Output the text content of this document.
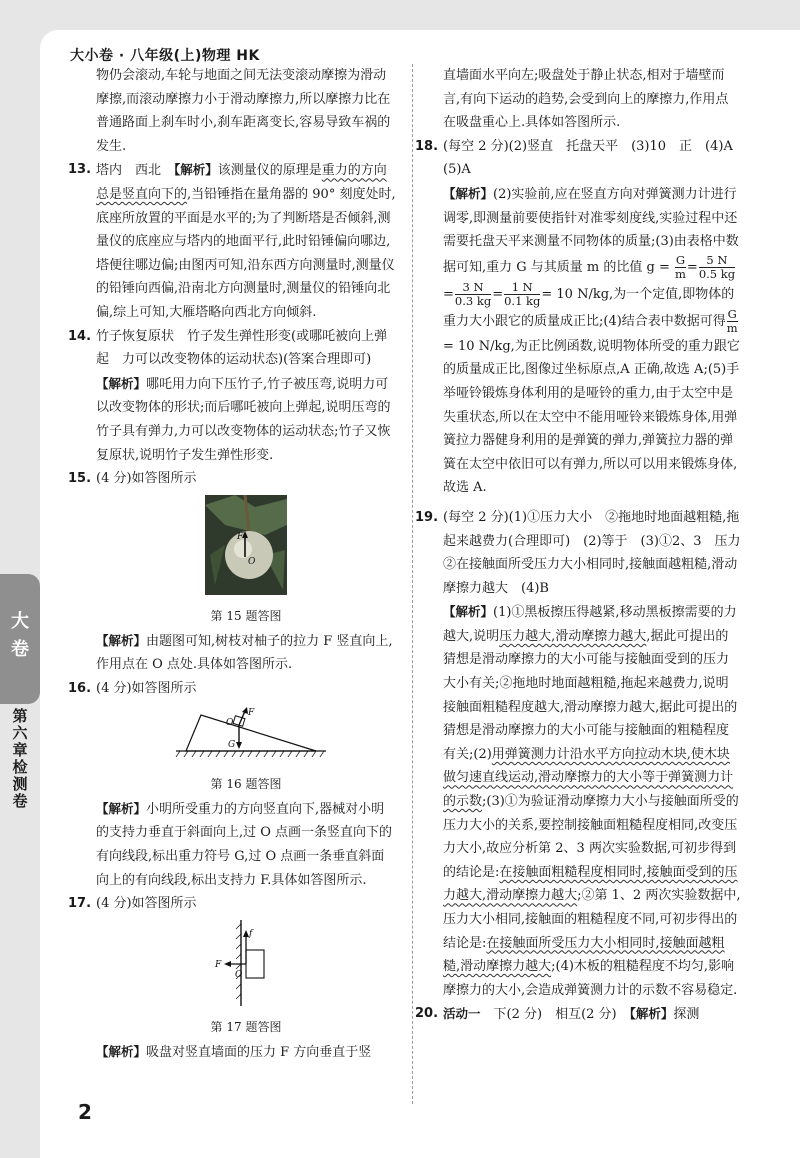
大小卷 · 八年级(上)物理 HK
大
卷
第六章检测卷

物仍会滚动,车轮与地面之间无法变滚动摩擦为滑动摩擦,而滚动摩擦力小于滑动摩擦力,所以摩擦力比在普通路面上刹车时小,刹车距离变长,容易导致车祸的发生.

13. 塔内　西北　【解析】该测量仪的原理是重力的方向总是竖直向下的,当铅锤指在量角器的 90° 刻度处时,底座所放置的平面是水平的;为了判断塔是否倾斜,测量仪的底座应与塔内的地面平行,此时铅锤偏向哪边,塔便往哪边偏;由图丙可知,沿东西方向测量时,测量仪的铅锤向西偏,沿南北方向测量时,测量仪的铅锤向北偏,综上可知,大雁塔略向西北方向倾斜.
14. 竹子恢复原状　竹子发生弹性形变(或哪吒被向上弹起　力可以改变物体的运动状态)(答案合理即可)
【解析】哪吒用力向下压竹子,竹子被压弯,说明力可以改变物体的形状;而后哪吒被向上弹起,说明压弯的竹子具有弹力,力可以改变物体的运动状态;竹子又恢复原状,说明竹子发生弹性形变.
15. (4 分)如答图所示
F
O
第 15 题答图
【解析】由题图可知,树枝对柚子的拉力 F 竖直向上,作用点在 O 点处.具体如答图所示.
16. (4 分)如答图所示
O
F
G
第 16 题答图
【解析】小明所受重力的方向竖直向下,器械对小明的支持力垂直于斜面向上,过 O 点画一条竖直向下的有向线段,标出重力符号 G,过 O 点画一条垂直斜面向上的有向线段,标出支持力 F.具体如答图所示.
17. (4 分)如答图所示
f
F
O
第 17 题答图
【解析】吸盘对竖直墙面的压力 F 方向垂直于竖

直墙面水平向左;吸盘处于静止状态,相对于墙壁而言,有向下运动的趋势,会受到向上的摩擦力,作用点在吸盘重心上.具体如答图所示.

18. (每空 2 分)(2)竖直　托盘天平　(3)10　正　(4)A　(5)A
【解析】(2)实验前,应在竖直方向对弹簧测力计进行调零,即测量前要使指针对准零刻度线,实验过程中还需要托盘天平来测量不同物体的质量;(3)由表格中数据可知,重力 G 与其质量 m 的比值 $g = \frac{G}{m} = \frac{5 N}{0.5 kg}$
= $\frac{3 N}{0.3 kg} = \frac{1 N}{0.1 kg} = 10$ N/kg,为一个定值,即物体的重力大小跟它的质量成正比;(4)结合表中数据可得 $\frac{G}{m}$
= 10 N/kg,为正比例函数,说明物体所受的重力跟它的质量成正比,图像过坐标原点,A 正确,故选 A;(5)手举哑铃锻炼身体利用的是哑铃的重力,由于太空中是失重状态,所以在太空中不能用哑铃来锻炼身体,用弹簧拉力器健身利用的是弹簧的弹力,弹簧拉力器的弹簧在太空中依旧可以有弹力,所以可以用来锻炼身体,故选 A.
19. (每空 2 分)(1)①压力大小　②拖地时地面越粗糙,拖起来越费力(合理即可)　(2)等于　(3)①2、3　压力　②在接触面所受压力大小相同时,接触面越粗糙,滑动摩擦力越大　(4)B
【解析】(1)①黑板擦压得越紧,移动黑板擦需要的力越大,说明压力越大,滑动摩擦力越大,据此可提出的猜想是滑动摩擦力的大小可能与接触面受到的压力大小有关;②拖地时地面越粗糙,拖起来越费力,说明接触面粗糙程度越大,滑动摩擦力越大,据此可提出的猜想是滑动摩擦力的大小可能与接触面的粗糙程度有关;(2)用弹簧测力计沿水平方向拉动木块,使木块做匀速直线运动,滑动摩擦力的大小等于弹簧测力计的示数;(3)①为验证滑动摩擦力大小与接触面所受的压力大小的关系,要控制接触面粗糙程度相同,改变压力大小,故应分析第 2、3 两次实验数据,可初步得到的结论是:在接触面粗糙程度相同时,接触面受到的压力越大,滑动摩擦力越大;②第 1、2 两次实验数据中,压力大小相同,接触面的粗糙程度不同,可初步得出的结论是:在接触面所受压力大小相同时,接触面越粗糙,滑动摩擦力越大;(4)木板的粗糙程度不均匀,影响摩擦力的大小,会造成弹簧测力计的示数不容易稳定.
20. 活动一　下(2 分)　相互(2 分)　【解析】探测
2
